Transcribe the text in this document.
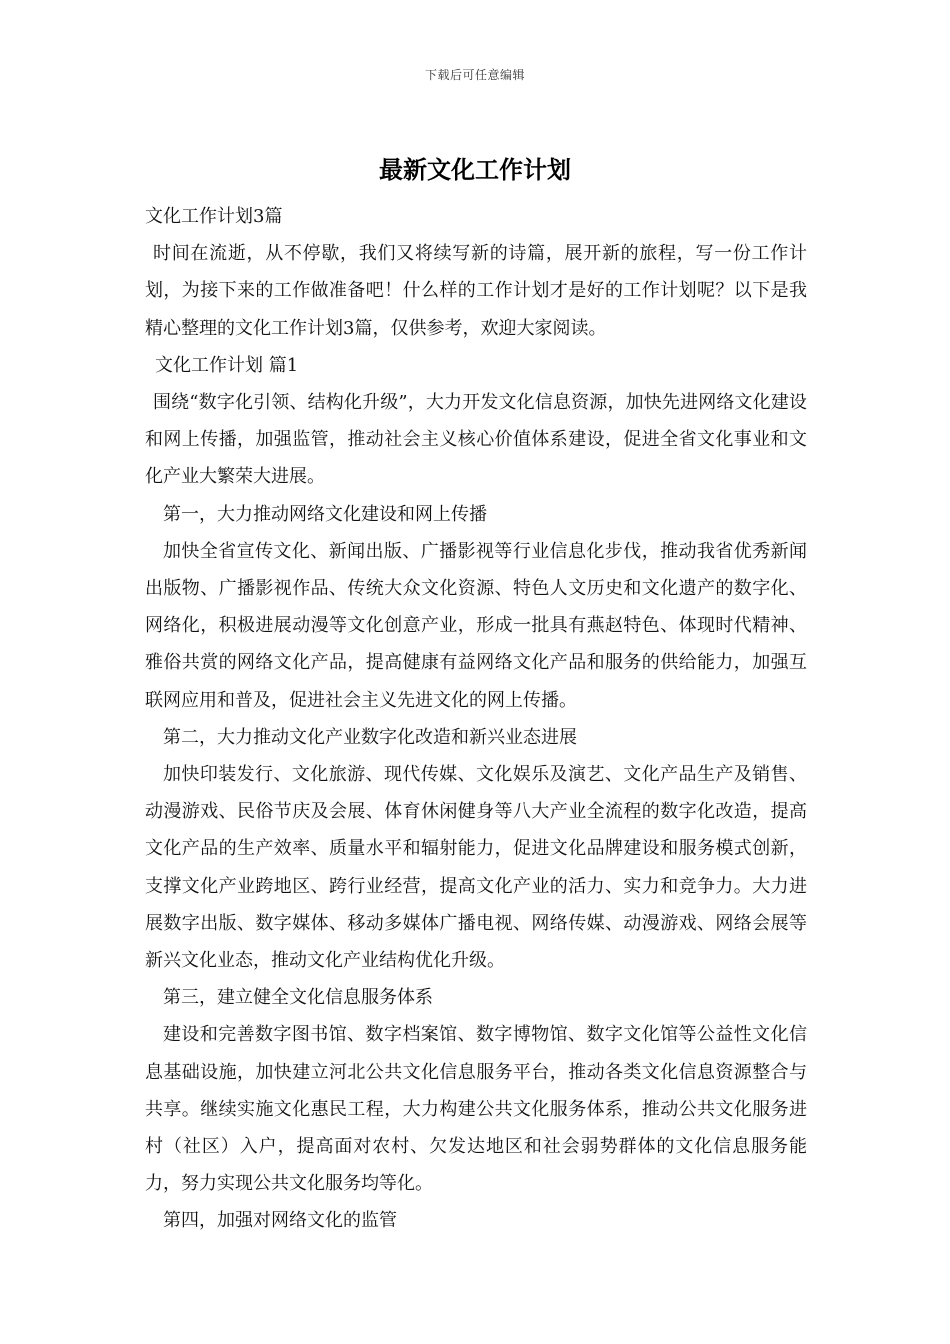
下载后可任意编辑
最新文化工作计划

文化工作计划3篇

时间在流逝，从不停歇，我们又将续写新的诗篇，展开新的旅程，写一份工作计划，为接下来的工作做准备吧！什么样的工作计划才是好的工作计划呢？以下是我精心整理的文化工作计划3篇，仅供参考，欢迎大家阅读。

文化工作计划 篇1

围绕“数字化引领、结构化升级”，大力开发文化信息资源，加快先进网络文化建设和网上传播，加强监管，推动社会主义核心价值体系建设，促进全省文化事业和文化产业大繁荣大进展。

第一，大力推动网络文化建设和网上传播

加快全省宣传文化、新闻出版、广播影视等行业信息化步伐，推动我省优秀新闻出版物、广播影视作品、传统大众文化资源、特色人文历史和文化遗产的数字化、网络化，积极进展动漫等文化创意产业，形成一批具有燕赵特色、体现时代精神、雅俗共赏的网络文化产品，提高健康有益网络文化产品和服务的供给能力，加强互联网应用和普及，促进社会主义先进文化的网上传播。

第二，大力推动文化产业数字化改造和新兴业态进展

加快印装发行、文化旅游、现代传媒、文化娱乐及演艺、文化产品生产及销售、动漫游戏、民俗节庆及会展、体育休闲健身等八大产业全流程的数字化改造，提高文化产品的生产效率、质量水平和辐射能力，促进文化品牌建设和服务模式创新，支撑文化产业跨地区、跨行业经营，提高文化产业的活力、实力和竞争力。大力进展数字出版、数字媒体、移动多媒体广播电视、网络传媒、动漫游戏、网络会展等新兴文化业态，推动文化产业结构优化升级。

第三，建立健全文化信息服务体系

建设和完善数字图书馆、数字档案馆、数字博物馆、数字文化馆等公益性文化信息基础设施，加快建立河北公共文化信息服务平台，推动各类文化信息资源整合与共享。继续实施文化惠民工程，大力构建公共文化服务体系，推动公共文化服务进村（社区）入户，提高面对农村、欠发达地区和社会弱势群体的文化信息服务能力，努力实现公共文化服务均等化。

第四，加强对网络文化的监管
